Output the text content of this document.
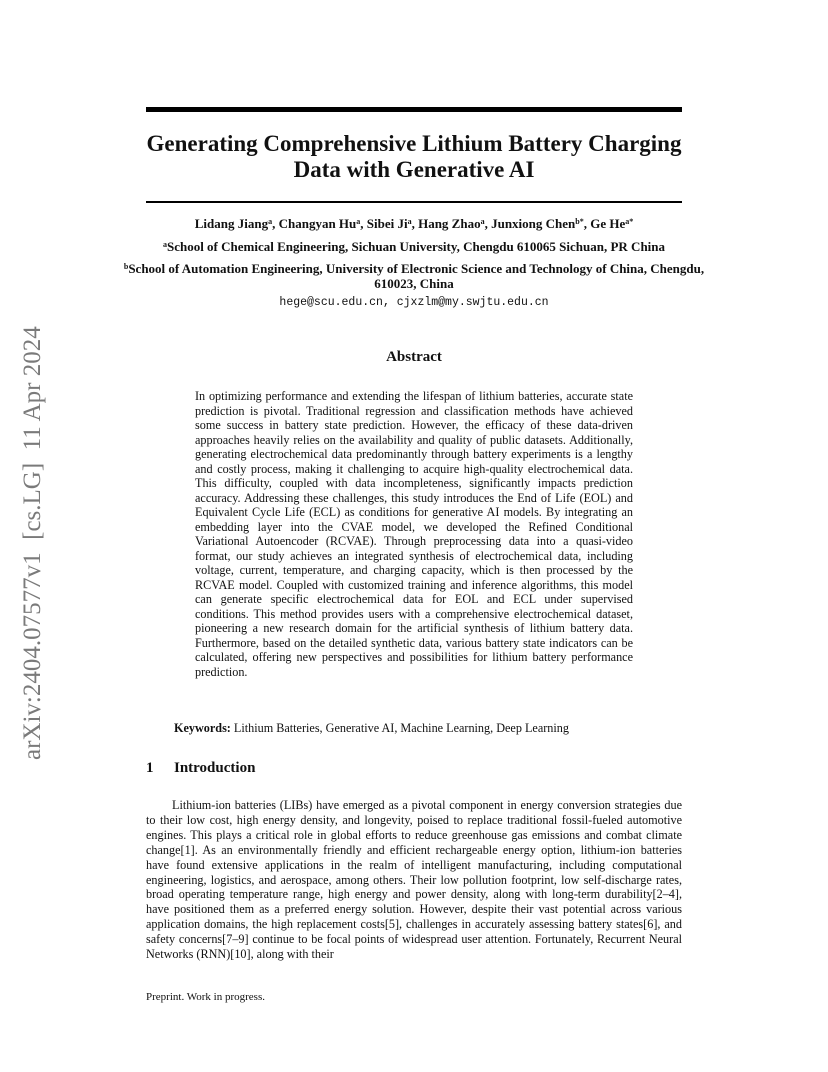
arXiv:2404.07577v1  [cs.LG]  11 Apr 2024
Generating Comprehensive Lithium Battery Charging Data with Generative AI
Lidang Jiang$^a$, Changyan Hu$^a$, Sibei Ji$^a$, Hang Zhao$^a$, Junxiong Chen$^{b*}$, Ge $He^{a*}$
$^a$School of Chemical Engineering, Sichuan University, Chengdu 610065 Sichuan, PR China
$^b$School of Automation Engineering, University of Electronic Science and Technology of China, Chengdu, 610023, China
hege@scu.edu.cn, cjxzlm@my.swjtu.edu.cn
Abstract

In optimizing performance and extending the lifespan of lithium batteries, accurate state prediction is pivotal. Traditional regression and classification methods have achieved some success in battery state prediction. However, the efficacy of these data-driven approaches heavily relies on the availability and quality of public datasets. Additionally, generating electrochemical data predominantly through battery experiments is a lengthy and costly process, making it challenging to acquire high-quality electrochemical data. This difficulty, coupled with data incompleteness, significantly impacts prediction accuracy. Addressing these challenges, this study introduces the End of Life (EOL) and Equivalent Cycle Life (ECL) as conditions for generative AI models. By integrating an embedding layer into the CVAE model, we developed the Refined Conditional Variational Autoencoder (RCVAE). Through preprocessing data into a quasi-video format, our study achieves an integrated synthesis of electrochemical data, including voltage, current, temperature, and charging capacity, which is then processed by the RCVAE model. Coupled with customized training and inference algorithms, this model can generate specific electrochemical data for EOL and ECL under supervised conditions. This method provides users with a comprehensive electrochemical dataset, pioneering a new research domain for the artificial synthesis of lithium battery data. Furthermore, based on the detailed synthetic data, various battery state indicators can be calculated, offering new perspectives and possibilities for lithium battery performance prediction.

Keywords: Lithium Batteries, Generative AI, Machine Learning, Deep Learning
1 Introduction

Lithium-ion batteries (LIBs) have emerged as a pivotal component in energy conversion strategies due to their low cost, high energy density, and longevity, poised to replace traditional fossil-fueled automotive engines. This plays a critical role in global efforts to reduce greenhouse gas emissions and combat climate change[1]. As an environmentally friendly and efficient rechargeable energy option, lithium-ion batteries have found extensive applications in the realm of intelligent manufacturing, including computational engineering, logistics, and aerospace, among others. Their low pollution footprint, low self-discharge rates, broad operating temperature range, high energy and power density, along with long-term durability[2–4], have positioned them as a preferred energy solution. However, despite their vast potential across various application domains, the high replacement costs[5], challenges in accurately assessing battery states[6], and safety concerns[7–9] continue to be focal points of widespread user attention. Fortunately, Recurrent Neural Networks (RNN)[10], along with their

Preprint. Work in progress.
